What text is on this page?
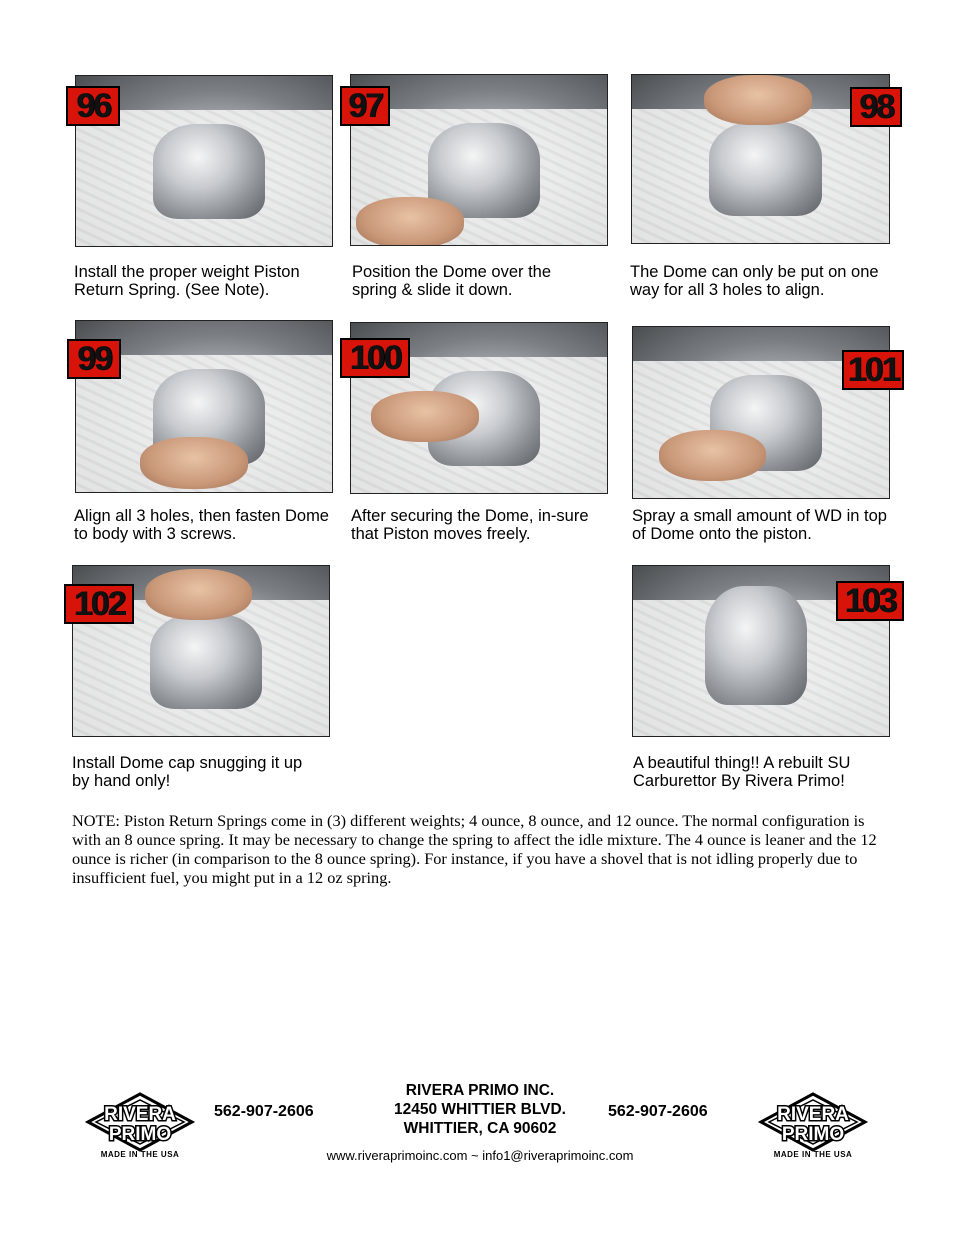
96
Install the proper weight Piston Return Spring. (See Note).
97
Position the Dome over the spring & slide it down.
98
The Dome can only be put on one way for all 3 holes to align.
99
Align all 3 holes, then fasten Dome to body with 3 screws.
100
After securing the Dome, in-sure that Piston moves freely.
101
Spray a small amount of WD in top of Dome onto the piston.
102
Install Dome cap snugging it up by hand only!
103
A beautiful thing!! A rebuilt SU Carburettor By Rivera Primo!
NOTE: Piston Return Springs come in (3) different weights; 4 ounce, 8 ounce, and 12 ounce. The normal configuration is with an 8 ounce spring. It may be necessary to change the spring to affect the idle mixture. The 4 ounce is leaner and the 12 ounce is richer (in comparison to the 8 ounce spring). For instance, if you have a shovel that is not idling properly due to insufficient fuel, you might put in a 12 oz spring.
RIVERA
PRIMO
MADE IN THE USA
562-907-2606
RIVERA PRIMO INC.
12450 WHITTIER BLVD.
WHITTIER, CA 90602
562-907-2606
www.riveraprimoinc.com ~ info1@riveraprimoinc.com
RIVERA
PRIMO
MADE IN THE USA
